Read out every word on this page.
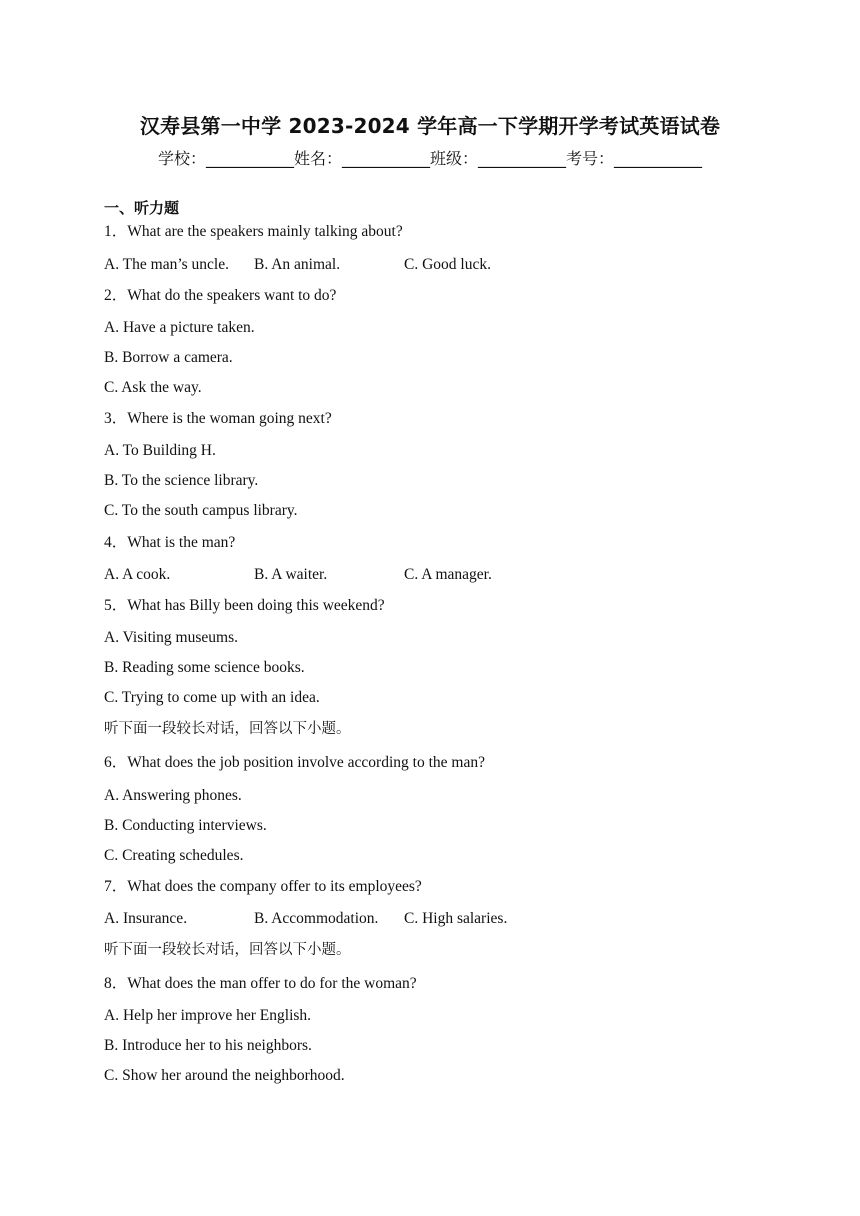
汉寿县第一中学 2023-2024 学年高一下学期开学考试英语试卷
学校：___________姓名：___________班级：___________考号：___________
一、听力题
1．What are the speakers mainly talking about?
A. The man’s uncle. B. An animal.	C. Good luck.
2．What do the speakers want to do?
A. Have a picture taken.
B. Borrow a camera.
C. Ask the way.
3．Where is the woman going next?
A. To Building H.
B. To the science library.
C. To the south campus library.
4．What is the man?
A. A cook.	B. A waiter.	C. A manager.
5．What has Billy been doing this weekend?
A. Visiting museums.
B. Reading some science books.
C. Trying to come up with an idea.
听下面一段较长对话，回答以下小题。
6．What does the job position involve according to the man?
A. Answering phones.
B. Conducting interviews.
C. Creating schedules.
7．What does the company offer to its employees?
A. Insurance.	B. Accommodation. C. High salaries.
听下面一段较长对话，回答以下小题。
8．What does the man offer to do for the woman?
A. Help her improve her English.
B. Introduce her to his neighbors.
C. Show her around the neighborhood.
